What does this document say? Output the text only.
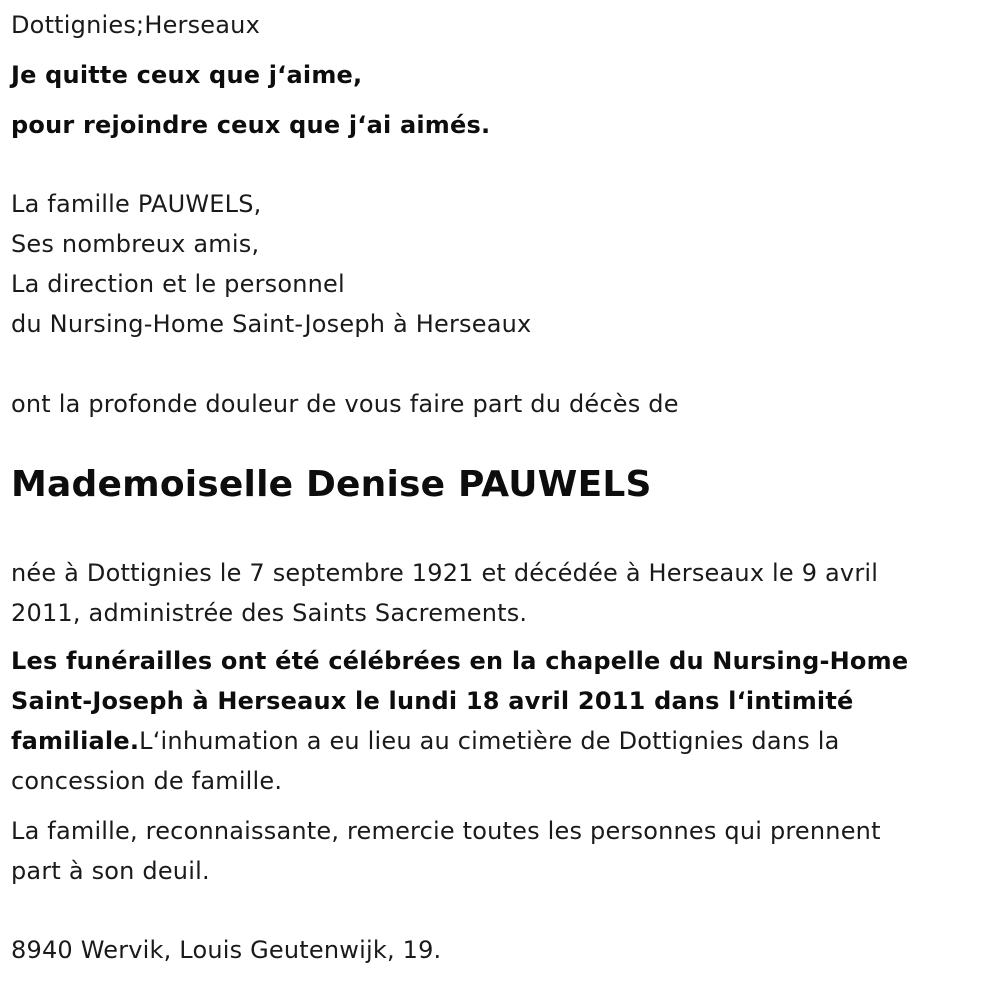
Dottignies;Herseaux
Je quitte ceux que j‘aime,
pour rejoindre ceux que j‘ai aimés.
La famille PAUWELS,
Ses nombreux amis,
La direction et le personnel
du Nursing-Home Saint-Joseph à Herseaux
ont la profonde douleur de vous faire part du décès de
Mademoiselle Denise PAUWELS
née à Dottignies le 7 septembre 1921 et décédée à Herseaux le 9 avril
2011, administrée des Saints Sacrements.
Les funérailles ont été célébrées en la chapelle du Nursing-Home
Saint-Joseph à Herseaux le lundi 18 avril 2011 dans l‘intimité
familiale.L‘inhumation a eu lieu au cimetière de Dottignies dans la
concession de famille.
La famille, reconnaissante, remercie toutes les personnes qui prennent
part à son deuil.
8940 Wervik, Louis Geutenwijk, 19.
